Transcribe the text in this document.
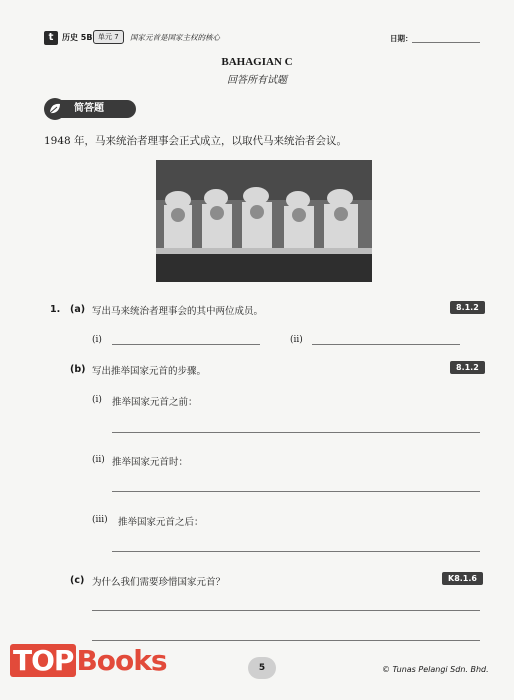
t	历史 5B 单元 7	国家元首是国家主权的核心	日期：
BAHAGIAN C
回答所有试题
简答题
1948 年，马来统治者理事会正式成立，以取代马来统治者会议。
1. (a) 写出马来统治者理事会的其中两位成员。	8.1.2
(i)	(ii)
(b) 写出推举国家元首的步骤。	8.1.2
(i) 推举国家元首之前：
(ii) 推举国家元首时：
(iii) 推举国家元首之后：
(c) 为什么我们需要珍惜国家元首？	K8.1.6
TOP Books	5	© Tunas Pelangi Sdn. Bhd.
